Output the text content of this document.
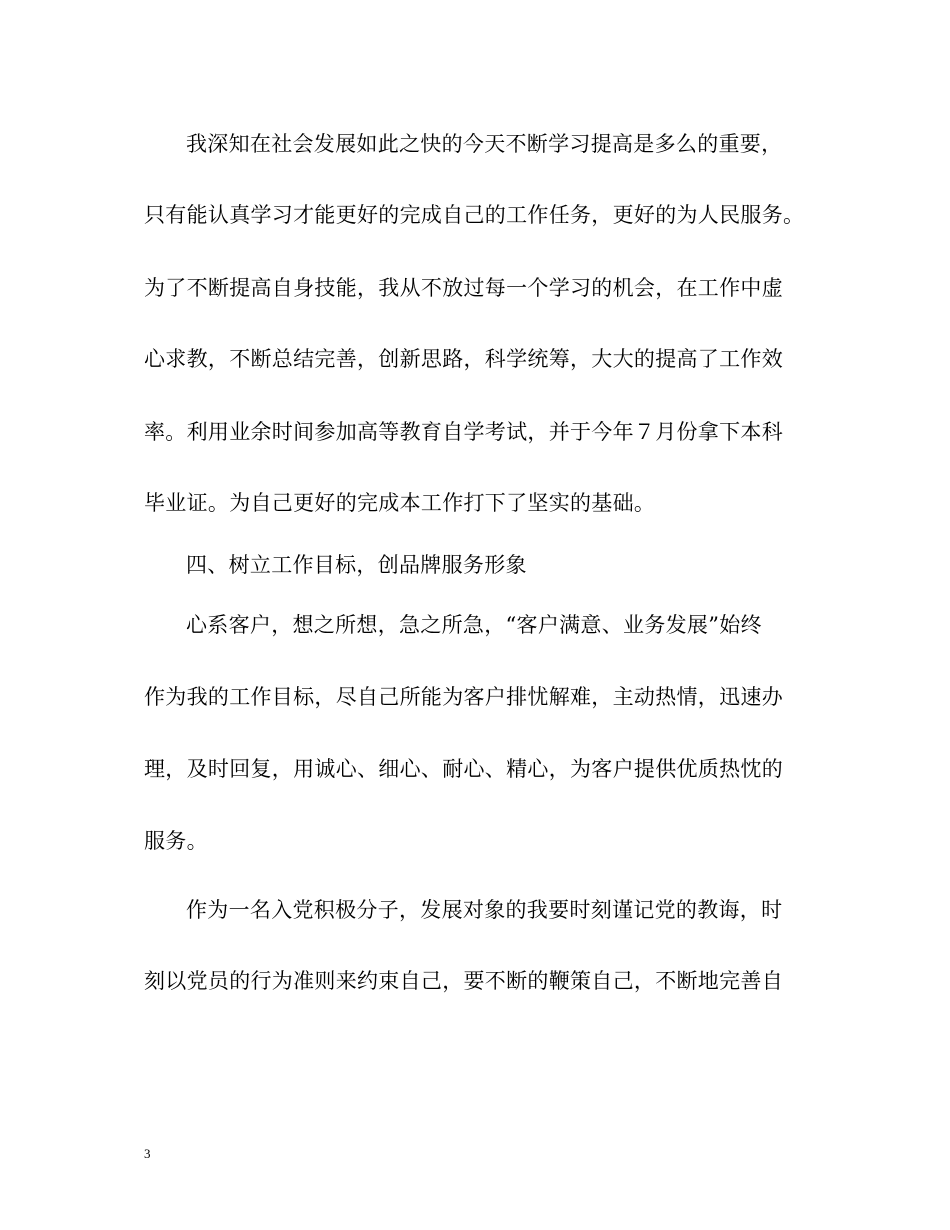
我深知在社会发展如此之快的今天不断学习提高是多么的重要，
只有能认真学习才能更好的完成自己的工作任务，更好的为人民服务。
为了不断提高自身技能，我从不放过每一个学习的机会，在工作中虚
心求教，不断总结完善，创新思路，科学统筹，大大的提高了工作效
率。利用业余时间参加高等教育自学考试，并于今年７月份拿下本科
毕业证。为自己更好的完成本工作打下了坚实的基础。
四、树立工作目标，创品牌服务形象
心系客户，想之所想，急之所急，“客户满意、业务发展”始终
作为我的工作目标，尽自己所能为客户排忧解难，主动热情，迅速办
理，及时回复，用诚心、细心、耐心、精心，为客户提供优质热忱的
服务。
作为一名入党积极分子，发展对象的我要时刻谨记党的教诲，时
刻以党员的行为准则来约束自己，要不断的鞭策自己，不断地完善自
3
